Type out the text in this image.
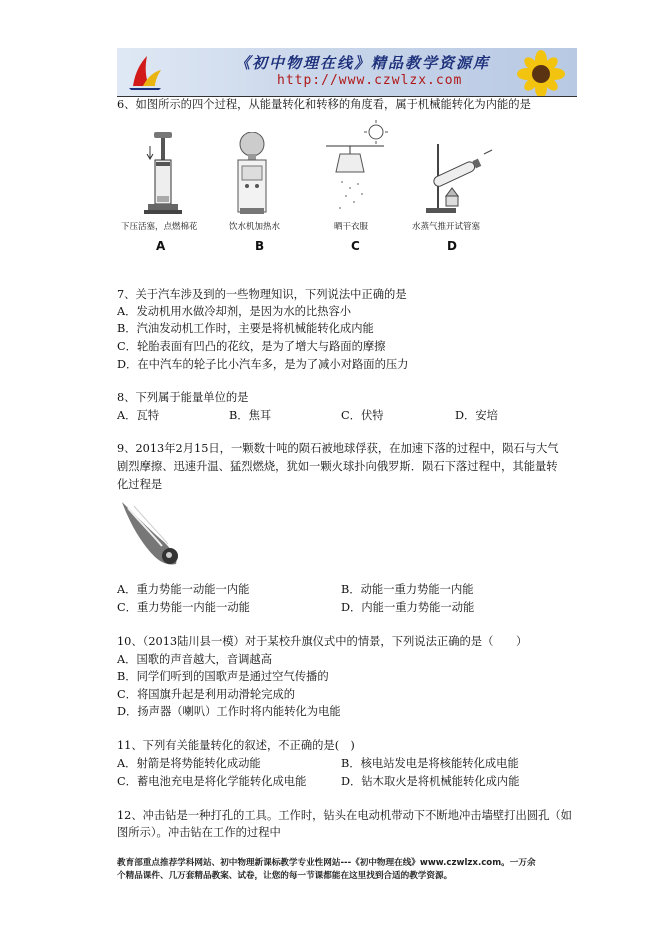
《初中物理在线》精品教学资源库
http://www.czwlzx.com
6、如图所示的四个过程，从能量转化和转移的角度看，属于机械能转化为内能的是
下压活塞，点燃棉花
A
饮水机加热水
B
晒干衣服
C
水蒸气推开试管塞
D
7、关于汽车涉及到的一些物理知识，下列说法中正确的是
A．发动机用水做冷却剂，是因为水的比热容小
B．汽油发动机工作时，主要是将机械能转化成内能
C．轮胎表面有凹凸的花纹，是为了增大与路面的摩擦
D．在中汽车的轮子比小汽车多，是为了减小对路面的压力
8、下列属于能量单位的是
A．瓦特	B．焦耳	C．伏特	D．安培
9、2013年2月15日，一颗数十吨的陨石被地球俘获，在加速下落的过程中，陨石与大气
剧烈摩擦、迅速升温、猛烈燃烧，犹如一颗火球扑向俄罗斯．陨石下落过程中，其能量转
化过程是
A．重力势能一动能一内能	B．动能一重力势能一内能
C．重力势能一内能一动能	D．内能一重力势能一动能
10、（2013陆川县一模）对于某校升旗仪式中的情景，下列说法正确的是（　　）
A．国歌的声音越大，音调越高
B．同学们听到的国歌声是通过空气传播的
C．将国旗升起是利用动滑轮完成的
D．扬声器（喇叭）工作时将内能转化为电能
11、下列有关能量转化的叙述，不正确的是(　)
A．射箭是将势能转化成动能	B．核电站发电是将核能转化成电能
C．蓄电池充电是将化学能转化成电能	D．钻木取火是将机械能转化成内能
12、冲击钻是一种打孔的工具。工作时，钻头在电动机带动下不断地冲击墙壁打出圆孔（如
图所示）。冲击钻在工作的过程中
教育部重点推荐学科网站、初中物理新课标教学专业性网站---《初中物理在线》www.czwlzx.com。一万余
个精品课件、几万套精品教案、试卷，让您的每一节课都能在这里找到合适的教学资源。
